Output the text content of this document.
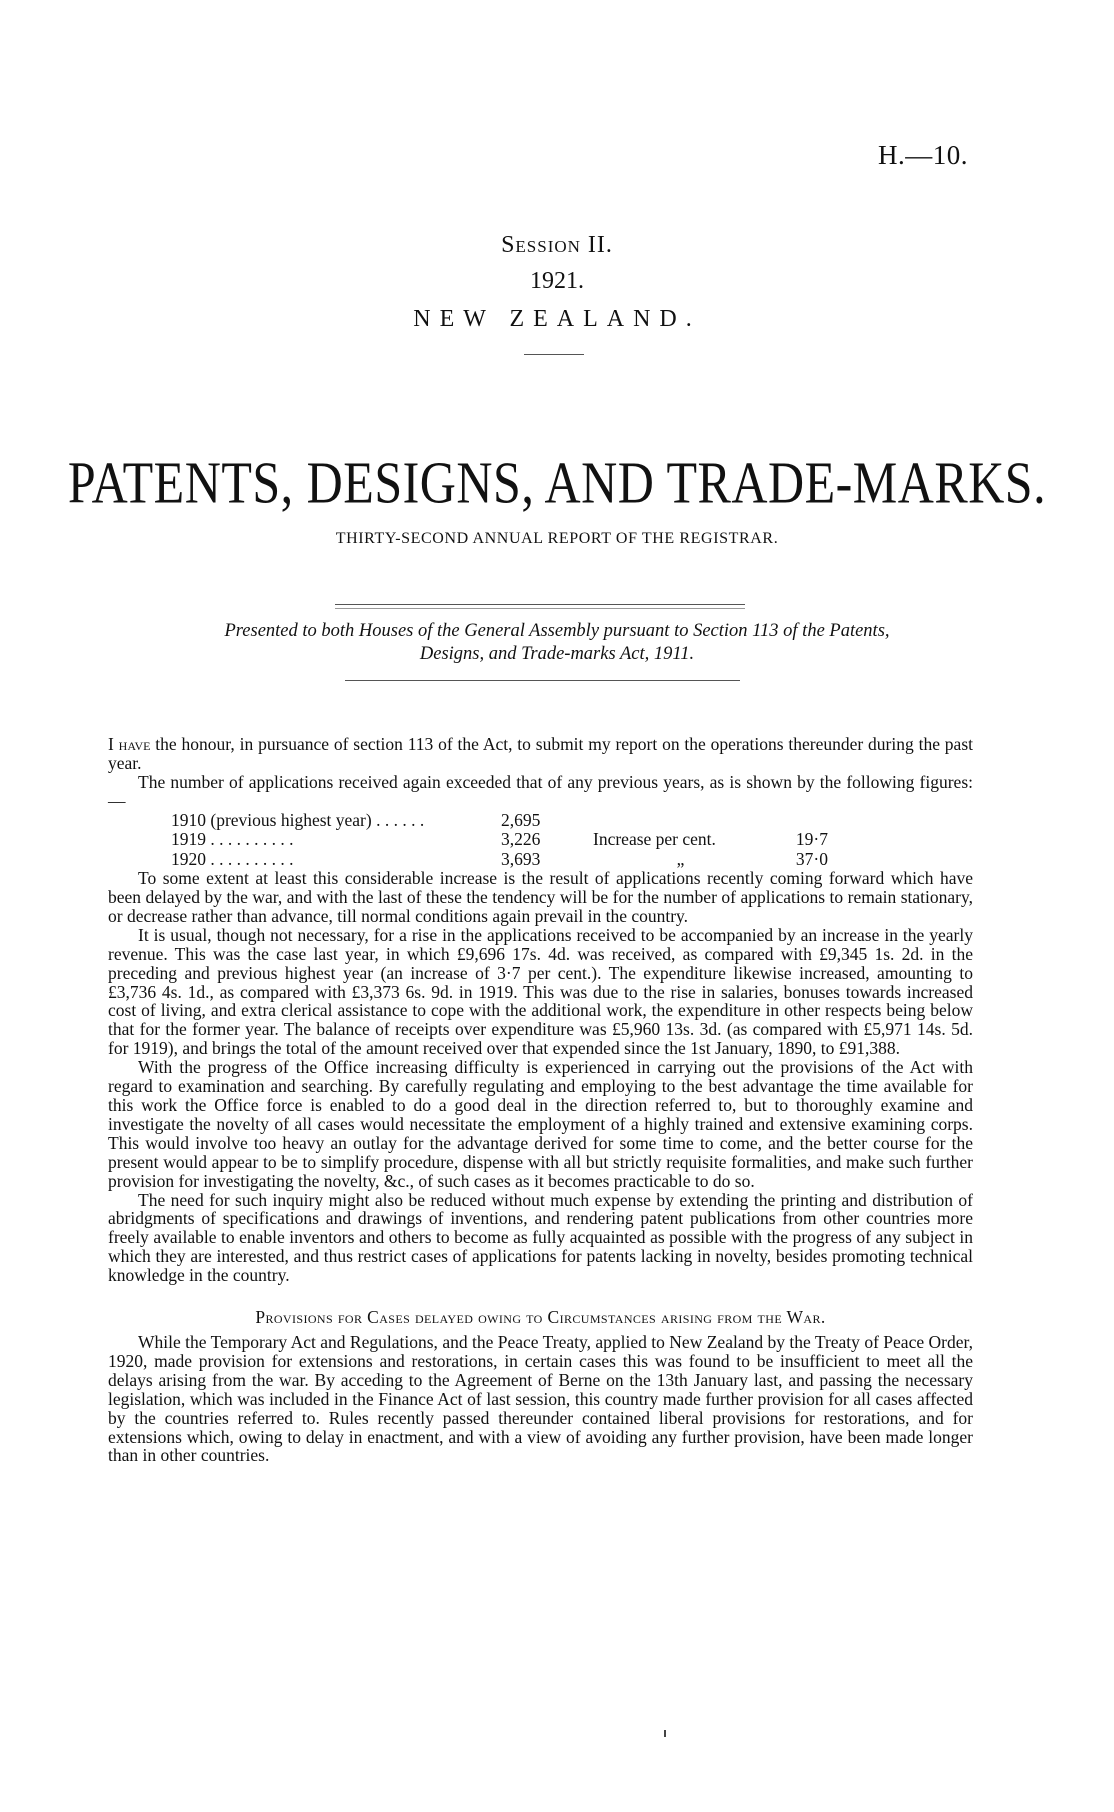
H.—10.
Session II.
1921.
NEW ZEALAND.
PATENTS, DESIGNS, AND TRADE-MARKS.
THIRTY-SECOND ANNUAL REPORT OF THE REGISTRAR.
Presented to both Houses of the General Assembly pursuant to Section 113 of the Patents,
Designs, and Trade-marks Act, 1911.

I have the honour, in pursuance of section 113 of the Act, to submit my report on the operations thereunder during the past year.

The number of applications received again exceeded that of any previous years, as is shown by the following figures:—

1910 (previous highest year) . . . . . .	2,695		
1919 . . . . . . . . . .	3,226	Increase per cent.	19·7
1920 . . . . . . . . . .	3,693	„	37·0

To some extent at least this considerable increase is the result of applications recently coming forward which have been delayed by the war, and with the last of these the tendency will be for the number of applications to remain stationary, or decrease rather than advance, till normal conditions again prevail in the country.

It is usual, though not necessary, for a rise in the applications received to be accompanied by an increase in the yearly revenue. This was the case last year, in which £9,696 17s. 4d. was received, as compared with £9,345 1s. 2d. in the preceding and previous highest year (an increase of 3·7 per cent.). The expenditure likewise increased, amounting to £3,736 4s. 1d., as compared with £3,373 6s. 9d. in 1919. This was due to the rise in salaries, bonuses towards increased cost of living, and extra clerical assistance to cope with the additional work, the expenditure in other respects being below that for the former year. The balance of receipts over expenditure was £5,960 13s. 3d. (as compared with £5,971 14s. 5d. for 1919), and brings the total of the amount received over that expended since the 1st January, 1890, to £91,388.

With the progress of the Office increasing difficulty is experienced in carrying out the provisions of the Act with regard to examination and searching. By carefully regulating and employing to the best advantage the time available for this work the Office force is enabled to do a good deal in the direction referred to, but to thoroughly examine and investigate the novelty of all cases would necessitate the employment of a highly trained and extensive examining corps. This would involve too heavy an outlay for the advantage derived for some time to come, and the better course for the present would appear to be to simplify procedure, dispense with all but strictly requisite formalities, and make such further provision for investigating the novelty, &c., of such cases as it becomes practicable to do so.

The need for such inquiry might also be reduced without much expense by extending the printing and distribution of abridgments of specifications and drawings of inventions, and rendering patent publications from other countries more freely available to enable inventors and others to become as fully acquainted as possible with the progress of any subject in which they are interested, and thus restrict cases of applications for patents lacking in novelty, besides promoting technical knowledge in the country.

Provisions for Cases delayed owing to Circumstances arising from the War.

While the Temporary Act and Regulations, and the Peace Treaty, applied to New Zealand by the Treaty of Peace Order, 1920, made provision for extensions and restorations, in certain cases this was found to be insufficient to meet all the delays arising from the war. By acceding to the Agreement of Berne on the 13th January last, and passing the necessary legislation, which was included in the Finance Act of last session, this country made further provision for all cases affected by the countries referred to. Rules recently passed thereunder contained liberal provisions for restorations, and for extensions which, owing to delay in enactment, and with a view of avoiding any further provision, have been made longer than in other countries.
